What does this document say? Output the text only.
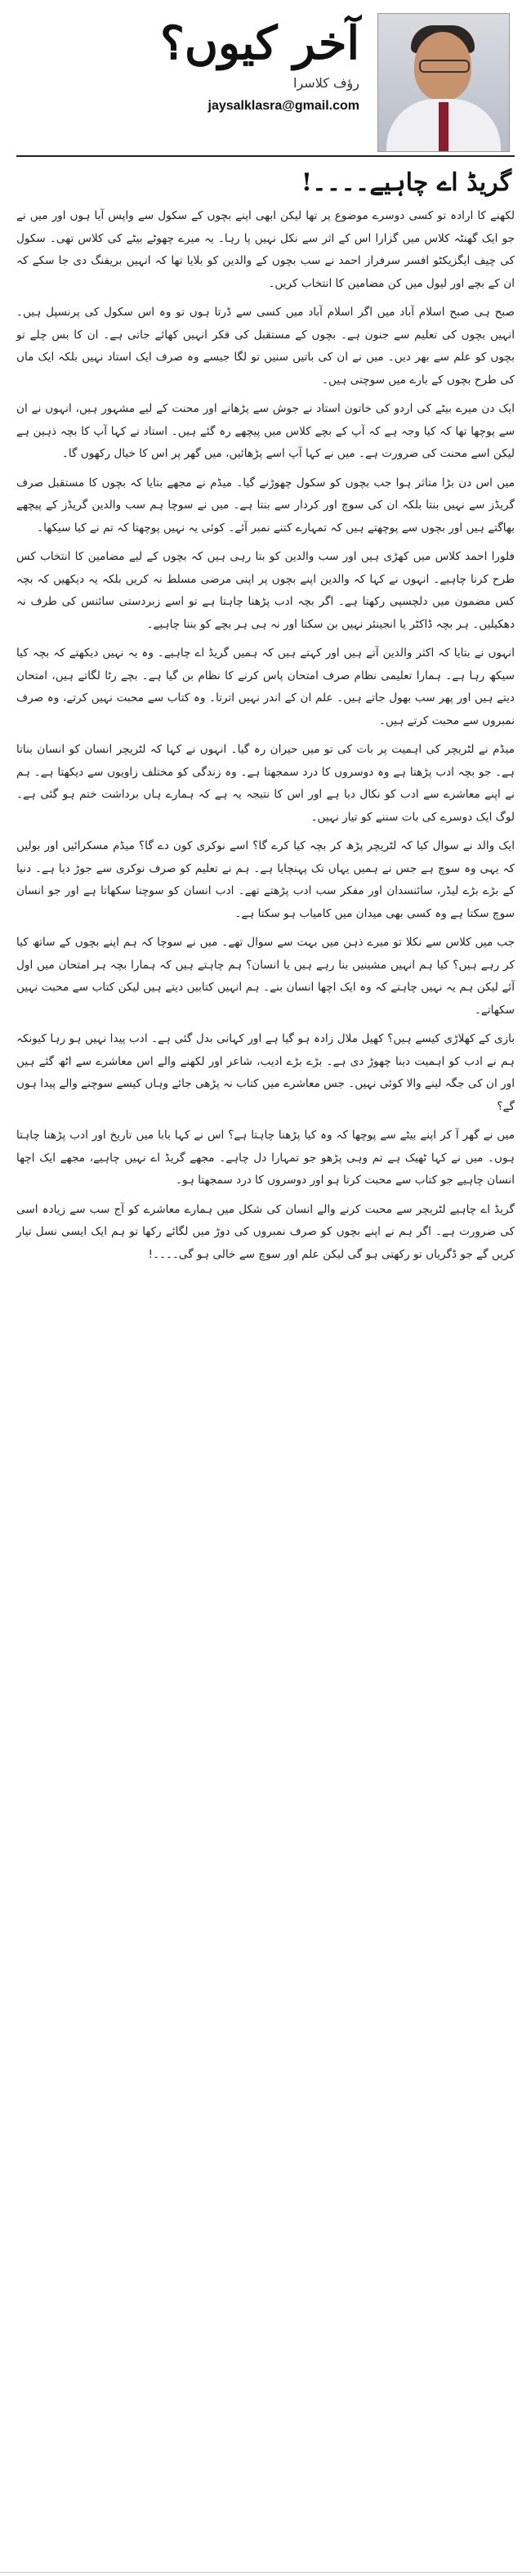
آخر کیوں؟
رؤف کلاسرا
jaysalklasra@gmail.com
گریڈ اے چاہیے۔۔۔۔!

لکھنے کا ارادہ تو کسی دوسرے موضوع پر تھا لیکن ابھی اپنے بچوں کے سکول سے واپس آیا ہوں اور میں نے جو ایک گھنٹہ کلاس میں گزارا اس کے اثر سے نکل نہیں پا رہا۔ یہ میرے چھوٹے بیٹے کی کلاس تھی۔ سکول کی چیف ایگزیکٹو افسر سرفراز احمد نے سب بچوں کے والدین کو بلایا تھا کہ انہیں بریفنگ دی جا سکے کہ ان کے بچے اور لیول میں کن مضامین کا انتخاب کریں۔

صبح ہی صبح اسلام آباد میں اگر اسلام آباد میں کسی سے ڈرتا ہوں تو وہ اس سکول کی پرنسپل ہیں۔ انہیں بچوں کی تعلیم سے جنون ہے۔ بچوں کے مستقبل کی فکر انہیں کھائے جاتی ہے۔ ان کا بس چلے تو بچوں کو علم سے بھر دیں۔ میں نے ان کی باتیں سنیں تو لگا جیسے وہ صرف ایک استاد نہیں بلکہ ایک ماں کی طرح بچوں کے بارے میں سوچتی ہیں۔

ایک دن میرے بیٹے کی اردو کی خاتون استاد نے جوش سے پڑھانے اور محنت کے لیے مشہور ہیں، انہوں نے ان سے پوچھا تھا کہ کیا وجہ ہے کہ آپ کے بچے کلاس میں پیچھے رہ گئے ہیں۔ استاد نے کہا آپ کا بچہ ذہین ہے لیکن اسے محنت کی ضرورت ہے۔ میں نے کہا آپ اسے پڑھائیں، میں گھر پر اس کا خیال رکھوں گا۔

میں اس دن بڑا متاثر ہوا جب بچوں کو سکول چھوڑنے گیا۔ میڈم نے مجھے بتایا کہ بچوں کا مستقبل صرف گریڈز سے نہیں بنتا بلکہ ان کی سوچ اور کردار سے بنتا ہے۔ میں نے سوچا ہم سب والدین گریڈز کے پیچھے بھاگتے ہیں اور بچوں سے پوچھتے ہیں کہ تمہارے کتنے نمبر آئے۔ کوئی یہ نہیں پوچھتا کہ تم نے کیا سیکھا۔

فلورا احمد کلاس میں کھڑی ہیں اور سب والدین کو بتا رہی ہیں کہ بچوں کے لیے مضامین کا انتخاب کس طرح کرنا چاہیے۔ انہوں نے کہا کہ والدین اپنے بچوں پر اپنی مرضی مسلط نہ کریں بلکہ یہ دیکھیں کہ بچہ کس مضمون میں دلچسپی رکھتا ہے۔ اگر بچہ ادب پڑھنا چاہتا ہے تو اسے زبردستی سائنس کی طرف نہ دھکیلیں۔ ہر بچہ ڈاکٹر یا انجینئر نہیں بن سکتا اور نہ ہی ہر بچے کو بننا چاہیے۔

انہوں نے بتایا کہ اکثر والدین آتے ہیں اور کہتے ہیں کہ ہمیں گریڈ اے چاہیے۔ وہ یہ نہیں دیکھتے کہ بچہ کیا سیکھ رہا ہے۔ ہمارا تعلیمی نظام صرف امتحان پاس کرنے کا نظام بن گیا ہے۔ بچے رٹا لگاتے ہیں، امتحان دیتے ہیں اور پھر سب بھول جاتے ہیں۔ علم ان کے اندر نہیں اترتا۔ وہ کتاب سے محبت نہیں کرتے، وہ صرف نمبروں سے محبت کرتے ہیں۔

میڈم نے لٹریچر کی اہمیت پر بات کی تو میں حیران رہ گیا۔ انہوں نے کہا کہ لٹریچر انسان کو انسان بناتا ہے۔ جو بچہ ادب پڑھتا ہے وہ دوسروں کا درد سمجھتا ہے۔ وہ زندگی کو مختلف زاویوں سے دیکھتا ہے۔ ہم نے اپنے معاشرے سے ادب کو نکال دیا ہے اور اس کا نتیجہ یہ ہے کہ ہمارے ہاں برداشت ختم ہو گئی ہے۔ لوگ ایک دوسرے کی بات سننے کو تیار نہیں۔

ایک والد نے سوال کیا کہ لٹریچر پڑھ کر بچہ کیا کرے گا؟ اسے نوکری کون دے گا؟ میڈم مسکرائیں اور بولیں کہ یہی وہ سوچ ہے جس نے ہمیں یہاں تک پہنچایا ہے۔ ہم نے تعلیم کو صرف نوکری سے جوڑ دیا ہے۔ دنیا کے بڑے بڑے لیڈر، سائنسدان اور مفکر سب ادب پڑھتے تھے۔ ادب انسان کو سوچنا سکھاتا ہے اور جو انسان سوچ سکتا ہے وہ کسی بھی میدان میں کامیاب ہو سکتا ہے۔

جب میں کلاس سے نکلا تو میرے ذہن میں بہت سے سوال تھے۔ میں نے سوچا کہ ہم اپنے بچوں کے ساتھ کیا کر رہے ہیں؟ کیا ہم انہیں مشینیں بنا رہے ہیں یا انسان؟ ہم چاہتے ہیں کہ ہمارا بچہ ہر امتحان میں اول آئے لیکن ہم یہ نہیں چاہتے کہ وہ ایک اچھا انسان بنے۔ ہم انہیں کتابیں دیتے ہیں لیکن کتاب سے محبت نہیں سکھاتے۔

بازی کے کھلاڑی کیسے ہیں؟ کھیل ملال زادہ ہو گیا ہے اور کہانی بدل گئی ہے۔ ادب پیدا نہیں ہو رہا کیونکہ ہم نے ادب کو اہمیت دینا چھوڑ دی ہے۔ بڑے بڑے ادیب، شاعر اور لکھنے والے اس معاشرے سے اٹھ گئے ہیں اور ان کی جگہ لینے والا کوئی نہیں۔ جس معاشرے میں کتاب نہ پڑھی جائے وہاں کیسے سوچنے والے پیدا ہوں گے؟

میں نے گھر آ کر اپنے بیٹے سے پوچھا کہ وہ کیا پڑھنا چاہتا ہے؟ اس نے کہا بابا میں تاریخ اور ادب پڑھنا چاہتا ہوں۔ میں نے کہا ٹھیک ہے تم وہی پڑھو جو تمہارا دل چاہے۔ مجھے گریڈ اے نہیں چاہیے، مجھے ایک اچھا انسان چاہیے جو کتاب سے محبت کرتا ہو اور دوسروں کا درد سمجھتا ہو۔

گریڈ اے چاہیے لٹریچر سے محبت کرنے والے انسان کی شکل میں ہمارے معاشرے کو آج سب سے زیادہ اسی کی ضرورت ہے۔ اگر ہم نے اپنے بچوں کو صرف نمبروں کی دوڑ میں لگائے رکھا تو ہم ایک ایسی نسل تیار کریں گے جو ڈگریاں تو رکھتی ہو گی لیکن علم اور سوچ سے خالی ہو گی۔۔۔۔!
